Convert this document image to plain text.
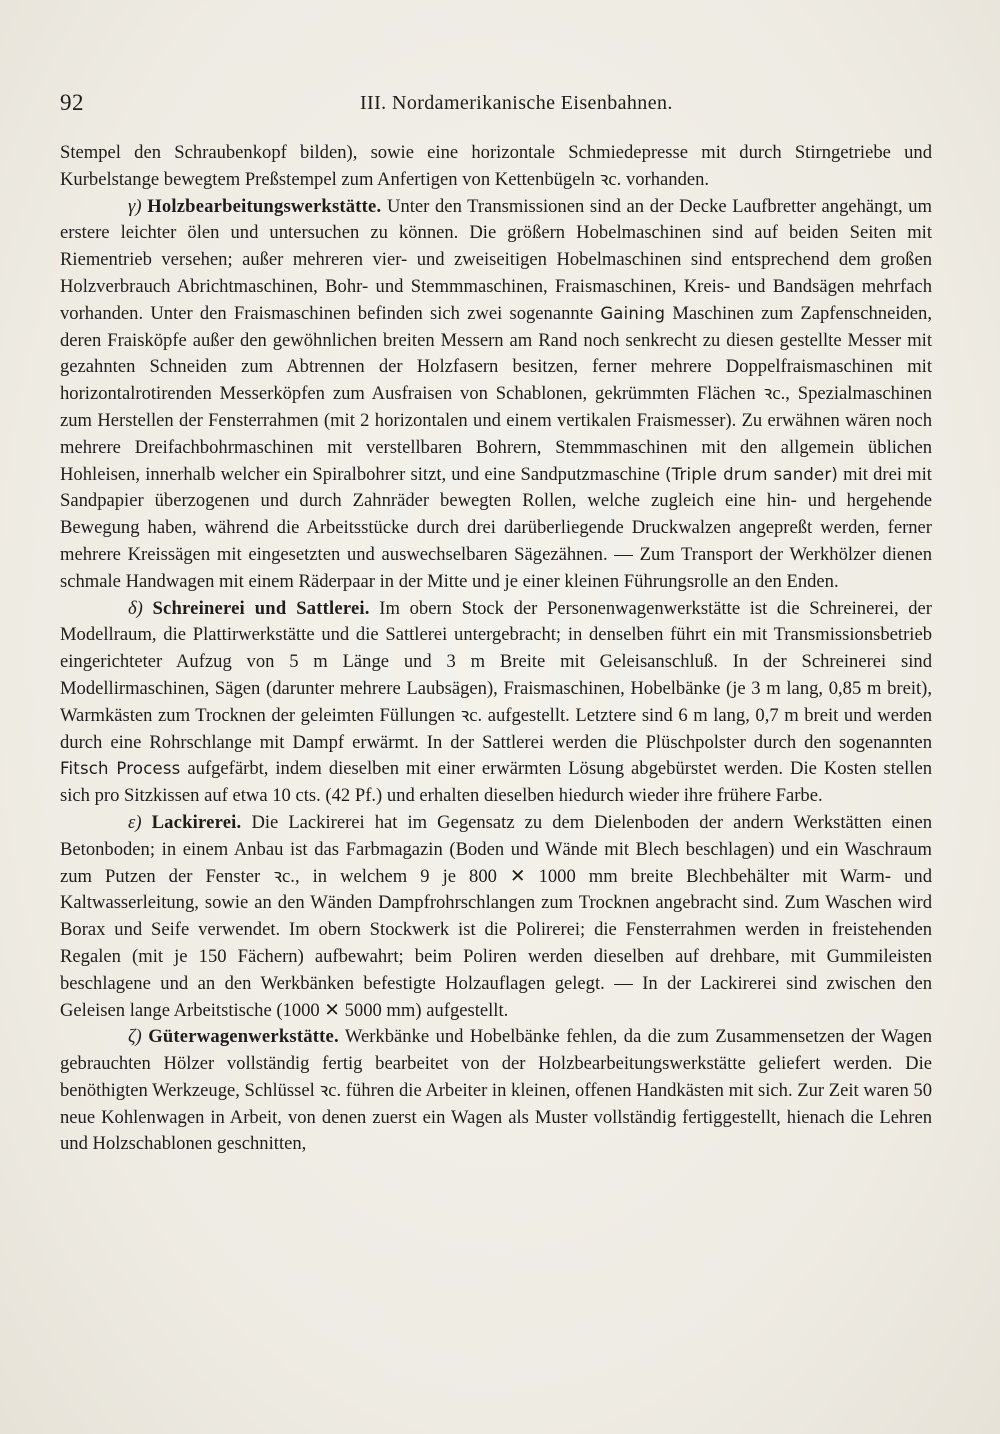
92	III. Nordamerikanische Eisenbahnen.

Stempel den Schraubenkopf bilden), sowie eine horizontale Schmiedepresse mit durch Stirngetriebe und Kurbelstange bewegtem Preßstempel zum Anfertigen von Kettenbügeln ꝛc. vorhanden.

γ) Holzbearbeitungswerkstätte. Unter den Transmissionen sind an der Decke Laufbretter angehängt, um erstere leichter ölen und untersuchen zu können. Die größern Hobelmaschinen sind auf beiden Seiten mit Riementrieb versehen; außer mehreren vier- und zweiseitigen Hobelmaschinen sind entsprechend dem großen Holzverbrauch Abrichtmaschinen, Bohr- und Stemmmaschinen, Fraismaschinen, Kreis- und Bandsägen mehrfach vorhanden. Unter den Fraismaschinen befinden sich zwei sogenannte Gaining Maschinen zum Zapfenschneiden, deren Fraisköpfe außer den gewöhnlichen breiten Messern am Rand noch senkrecht zu diesen gestellte Messer mit gezahnten Schneiden zum Abtrennen der Holzfasern besitzen, ferner mehrere Doppelfraismaschinen mit horizontalrotirenden Messerköpfen zum Ausfraisen von Schablonen, gekrümmten Flächen ꝛc., Spezialmaschinen zum Herstellen der Fensterrahmen (mit 2 horizontalen und einem vertikalen Fraismesser). Zu erwähnen wären noch mehrere Dreifachbohrmaschinen mit verstellbaren Bohrern, Stemmmaschinen mit den allgemein üblichen Hohleisen, innerhalb welcher ein Spiralbohrer sitzt, und eine Sandputzmaschine (Triple drum sander) mit drei mit Sandpapier überzogenen und durch Zahnräder bewegten Rollen, welche zugleich eine hin- und hergehende Bewegung haben, während die Arbeitsstücke durch drei darüberliegende Druckwalzen angepreßt werden, ferner mehrere Kreissägen mit eingesetzten und auswechselbaren Sägezähnen. — Zum Transport der Werkhölzer dienen schmale Handwagen mit einem Räderpaar in der Mitte und je einer kleinen Führungsrolle an den Enden.

δ) Schreinerei und Sattlerei. Im obern Stock der Personenwagenwerkstätte ist die Schreinerei, der Modellraum, die Plattirwerkstätte und die Sattlerei untergebracht; in denselben führt ein mit Transmissionsbetrieb eingerichteter Aufzug von 5 m Länge und 3 m Breite mit Geleisanschluß. In der Schreinerei sind Modellirmaschinen, Sägen (darunter mehrere Laubsägen), Fraismaschinen, Hobelbänke (je 3 m lang, 0,85 m breit), Warmkästen zum Trocknen der geleimten Füllungen ꝛc. aufgestellt. Letztere sind 6 m lang, 0,7 m breit und werden durch eine Rohrschlange mit Dampf erwärmt. In der Sattlerei werden die Plüschpolster durch den sogenannten Fitsch Process aufgefärbt, indem dieselben mit einer erwärmten Lösung abgebürstet werden. Die Kosten stellen sich pro Sitzkissen auf etwa 10 cts. (42 Pf.) und erhalten dieselben hiedurch wieder ihre frühere Farbe.

ε) Lackirerei. Die Lackirerei hat im Gegensatz zu dem Dielenboden der andern Werkstätten einen Betonboden; in einem Anbau ist das Farbmagazin (Boden und Wände mit Blech beschlagen) und ein Waschraum zum Putzen der Fenster ꝛc., in welchem 9 je 800 ✕ 1000 mm breite Blechbehälter mit Warm- und Kaltwasserleitung, sowie an den Wänden Dampfrohrschlangen zum Trocknen angebracht sind. Zum Waschen wird Borax und Seife verwendet. Im obern Stockwerk ist die Polirerei; die Fensterrahmen werden in freistehenden Regalen (mit je 150 Fächern) aufbewahrt; beim Poliren werden dieselben auf drehbare, mit Gummileisten beschlagene und an den Werkbänken befestigte Holzauflagen gelegt. — In der Lackirerei sind zwischen den Geleisen lange Arbeitstische (1000 ✕ 5000 mm) aufgestellt.

ζ) Güterwagenwerkstätte. Werkbänke und Hobelbänke fehlen, da die zum Zusammensetzen der Wagen gebrauchten Hölzer vollständig fertig bearbeitet von der Holzbearbeitungswerkstätte geliefert werden. Die benöthigten Werkzeuge, Schlüssel ꝛc. führen die Arbeiter in kleinen, offenen Handkästen mit sich. Zur Zeit waren 50 neue Kohlenwagen in Arbeit, von denen zuerst ein Wagen als Muster vollständig fertiggestellt, hienach die Lehren und Holzschablonen geschnitten,
